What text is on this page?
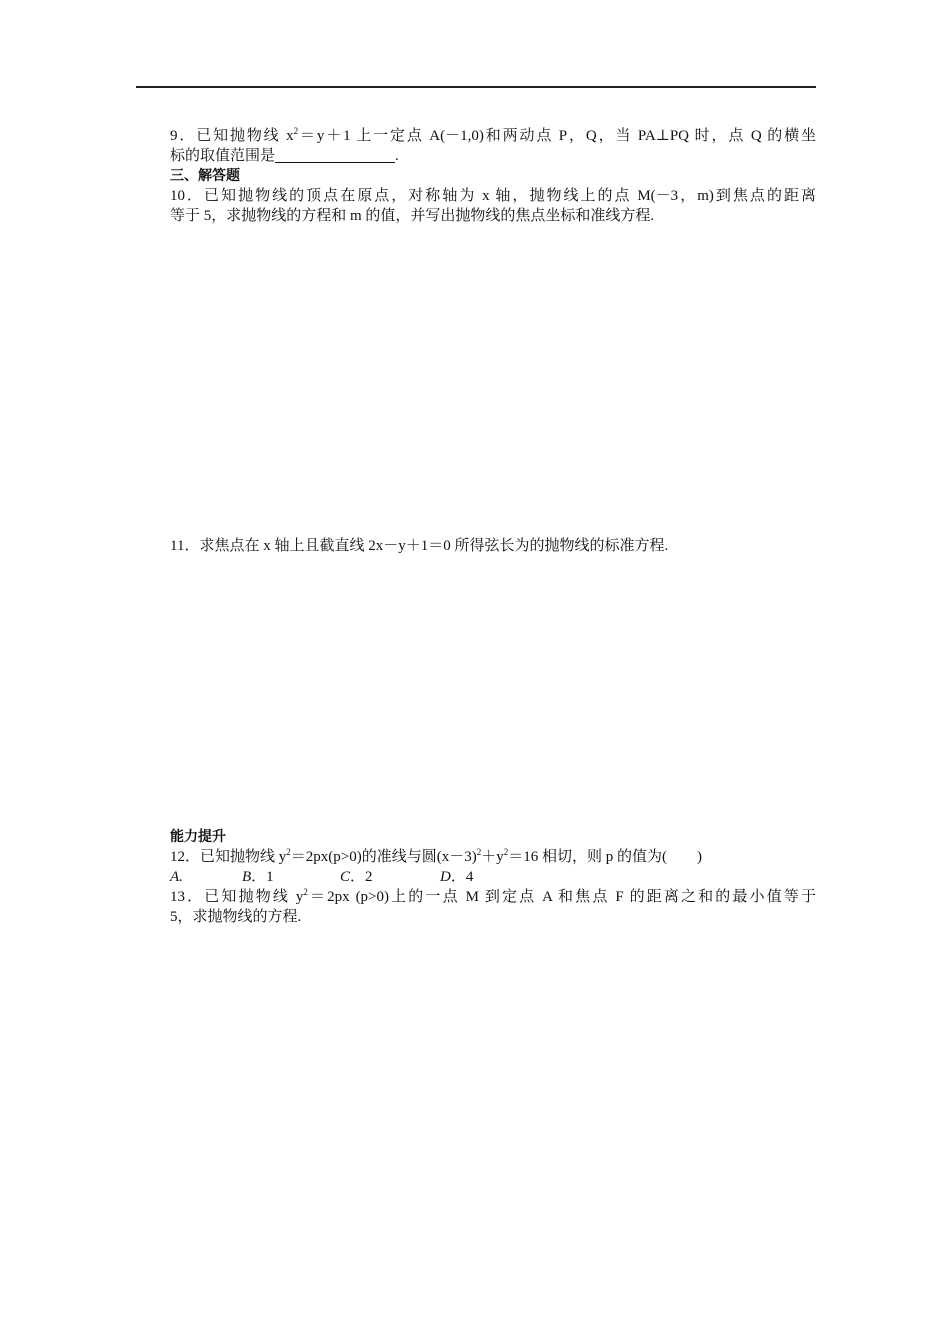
9．已知抛物线 $x^2=y+1$ 上一定点 A(－1,0)和两动点 P，Q，当 PA⊥PQ 时，点 Q 的横坐
标的取值范围是	.
三、解答题
10．已知抛物线的顶点在原点，对称轴为 x 轴，抛物线上的点 M(－3，m)到焦点的距离
等于 5，求抛物线的方程和 m 的值，并写出抛物线的焦点坐标和准线方程.
11．求焦点在 x 轴上且截直线 2x－y＋1＝0 所得弦长为的抛物线的标准方程.
能力提升
12．已知抛物线 $y^2=2px(p>0)$的准线与圆$(x-3)^2+y^2=16$ 相切，则 p 的值为(　　)
A.	B．1	C．2	D．4
13．已知抛物线 $y^2=2px$ (p>0)上的一点 M 到定点 A 和焦点 F 的距离之和的最小值等于
5，求抛物线的方程.
